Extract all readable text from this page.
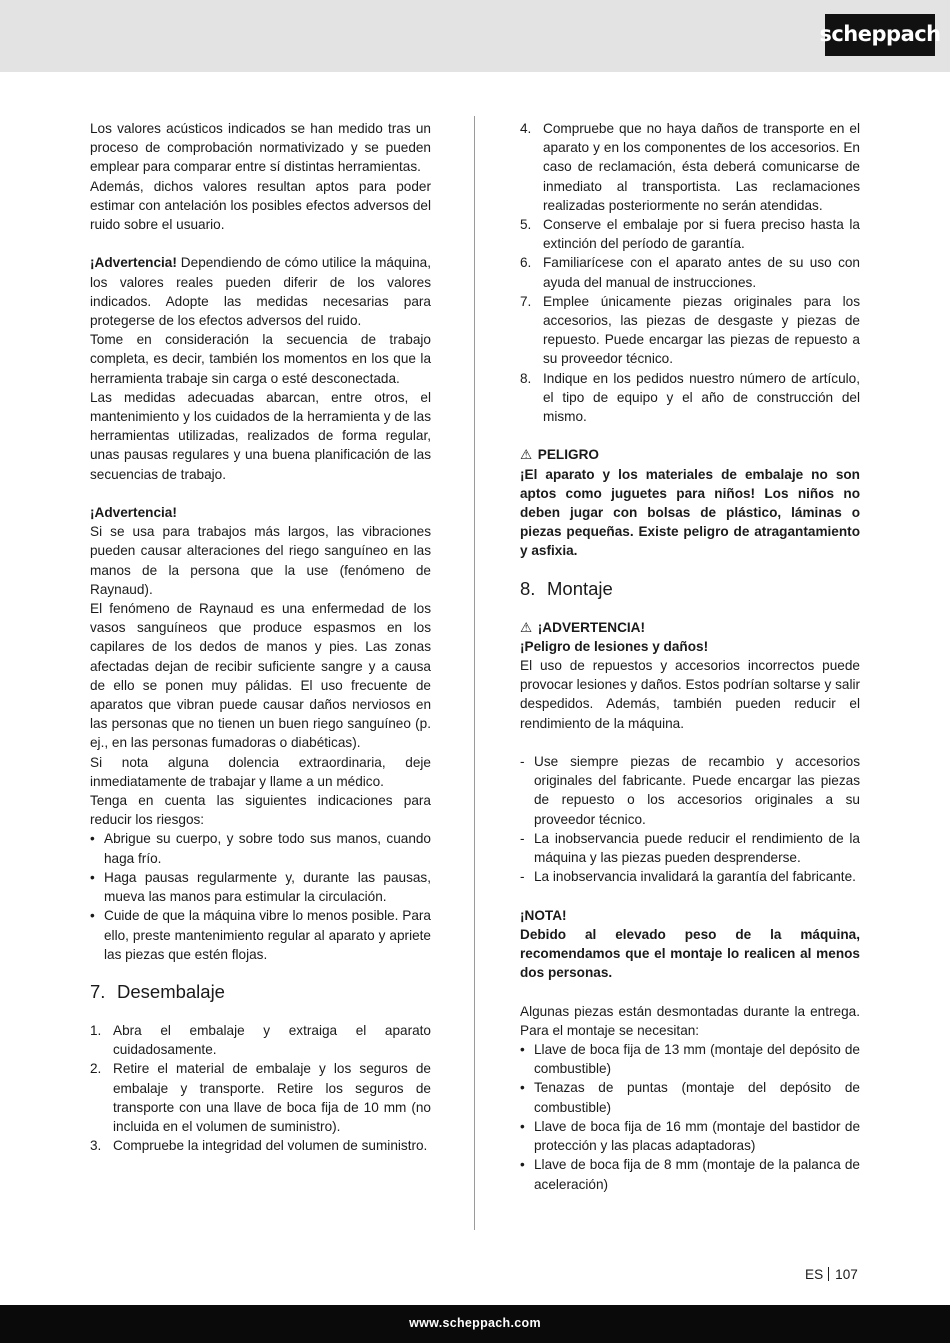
scheppach

Los valores acústicos indicados se han medido tras un proceso de comprobación normativizado y se pueden emplear para comparar entre sí distintas herramientas.

Además, dichos valores resultan aptos para poder estimar con antelación los posibles efectos adversos del ruido sobre el usuario.

¡Advertencia! Dependiendo de cómo utilice la máquina, los valores reales pueden diferir de los valores indicados. Adopte las medidas necesarias para protegerse de los efectos adversos del ruido.

Tome en consideración la secuencia de trabajo completa, es decir, también los momentos en los que la herramienta trabaje sin carga o esté desconectada.

Las medidas adecuadas abarcan, entre otros, el mantenimiento y los cuidados de la herramienta y de las herramientas utilizadas, realizados de forma regular, unas pausas regulares y una buena planificación de las secuencias de trabajo.

¡Advertencia!

Si se usa para trabajos más largos, las vibraciones pueden causar alteraciones del riego sanguíneo en las manos de la persona que la use (fenómeno de Raynaud).

El fenómeno de Raynaud es una enfermedad de los vasos sanguíneos que produce espasmos en los capilares de los dedos de manos y pies. Las zonas afectadas dejan de recibir suficiente sangre y a causa de ello se ponen muy pálidas. El uso frecuente de aparatos que vibran puede causar daños nerviosos en las personas que no tienen un buen riego sanguíneo (p. ej., en las personas fumadoras o diabéticas).

Si nota alguna dolencia extraordinaria, deje inmediatamente de trabajar y llame a un médico.

Tenga en cuenta las siguientes indicaciones para reducir los riesgos:

• Abrigue su cuerpo, y sobre todo sus manos, cuando haga frío.
• Haga pausas regularmente y, durante las pausas, mueva las manos para estimular la circulación.
• Cuide de que la máquina vibre lo menos posible. Para ello, preste mantenimiento regular al aparato y apriete las piezas que estén flojas.
7. Desembalaje
1. Abra el embalaje y extraiga el aparato cuidadosamente.
2. Retire el material de embalaje y los seguros de embalaje y transporte. Retire los seguros de transporte con una llave de boca fija de 10 mm (no incluida en el volumen de suministro).
3. Compruebe la integridad del volumen de suministro.
4. Compruebe que no haya daños de transporte en el aparato y en los componentes de los accesorios. En caso de reclamación, ésta deberá comunicarse de inmediato al transportista. Las reclamaciones realizadas posteriormente no serán atendidas.
5. Conserve el embalaje por si fuera preciso hasta la extinción del período de garantía.
6. Familiarícese con el aparato antes de su uso con ayuda del manual de instrucciones.
7. Emplee únicamente piezas originales para los accesorios, las piezas de desgaste y piezas de repuesto. Puede encargar las piezas de repuesto a su proveedor técnico.
8. Indique en los pedidos nuestro número de artículo, el tipo de equipo y el año de construcción del mismo.

⚠ PELIGRO

¡El aparato y los materiales de embalaje no son aptos como juguetes para niños! Los niños no deben jugar con bolsas de plástico, láminas o piezas pequeñas. Existe peligro de atragantamiento y asfixia.

8. Montaje

⚠ ¡ADVERTENCIA!

¡Peligro de lesiones y daños!

El uso de repuestos y accesorios incorrectos puede provocar lesiones y daños. Estos podrían soltarse y salir despedidos. Además, también pueden reducir el rendimiento de la máquina.

- Use siempre piezas de recambio y accesorios originales del fabricante. Puede encargar las piezas de repuesto o los accesorios originales a su proveedor técnico.
- La inobservancia puede reducir el rendimiento de la máquina y las piezas pueden desprenderse.
- La inobservancia invalidará la garantía del fabricante.

¡NOTA!

Debido al elevado peso de la máquina, recomendamos que el montaje lo realicen al menos dos personas.

Algunas piezas están desmontadas durante la entrega. Para el montaje se necesitan:

• Llave de boca fija de 13 mm (montaje del depósito de combustible)
• Tenazas de puntas (montaje del depósito de combustible)
• Llave de boca fija de 16 mm (montaje del bastidor de protección y las placas adaptadoras)
• Llave de boca fija de 8 mm (montaje de la palanca de aceleración)
ES 107
www.scheppach.com
